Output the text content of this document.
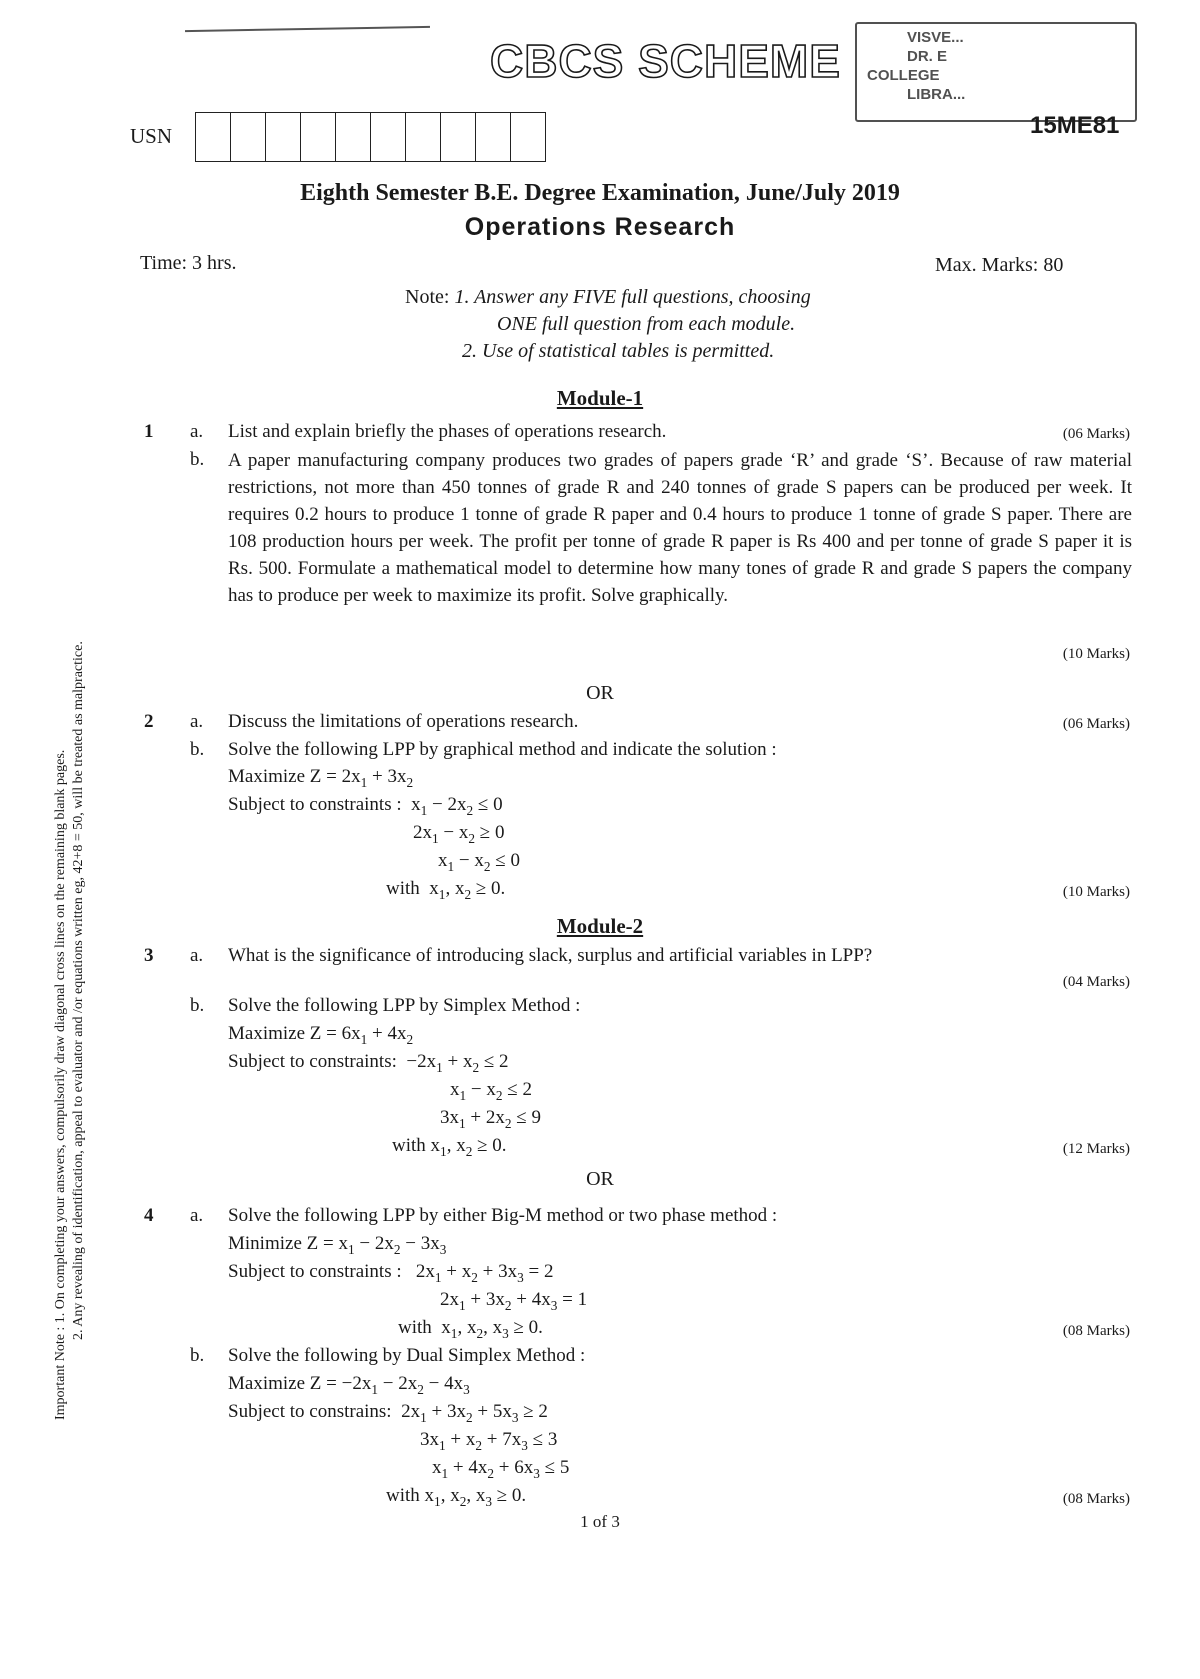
Important Note : 1. On completing your answers, compulsorily draw diagonal cross lines on the remaining blank pages. 2. Any revealing of identification, appeal to evaluator and /or equations written eg, 42+8 = 50, will be treated as malpractice.
CBCS SCHEME	VISVE...
DR. E
COLLEGE
LIBRA...
15ME81
USN
Eighth Semester B.E. Degree Examination, June/July 2019
Operations Research
Time: 3 hrs.	Max. Marks: 80
Note: 1. Answer any FIVE full questions, choosing
ONE full question from each module.
2. Use of statistical tables is permitted.
Module-1
1 a. List and explain briefly the phases of operations research.	(06 Marks)
b. A paper manufacturing company produces two grades of papers grade ‘R’ and grade ‘S’. Because of raw material restrictions, not more than 450 tonnes of grade R and 240 tonnes of grade S papers can be produced per week. It requires 0.2 hours to produce 1 tonne of grade R paper and 0.4 hours to produce 1 tonne of grade S paper. There are 108 production hours per week. The profit per tonne of grade R paper is Rs 400 and per tonne of grade S paper it is Rs. 500. Formulate a mathematical model to determine how many tones of grade R and grade S papers the company has to produce per week to maximize its profit. Solve graphically.
(10 Marks)
OR
2 a. Discuss the limitations of operations research.	(06 Marks)
b. Solve the following LPP by graphical method and indicate the solution :
Maximize $Z = 2x_1 + 3x_2$
Subject to constraints :  $x_1 - 2x_2 \le 0$
$2x_1 - x_2 \ge 0$
$x_1 - x_2 \le 0$
with  $x_1$, $x_2 \ge 0$.	(10 Marks)
Module-2
3 a. What is the significance of introducing slack, surplus and artificial variables in LPP?
(04 Marks)
b. Solve the following LPP by Simplex Method :
Maximize $Z = 6x_1 + 4x_2$
Subject to constraints:  $-2x_1 + x_2 \le 2$
$x_1 - x_2 \le 2$
$3x_1 + 2x_2 \le 9$
with $x_1$, $x_2 \ge 0$.	(12 Marks)
OR
4 a. Solve the following LPP by either Big-M method or two phase method :
Minimize $Z = x_1 - 2x_2 - 3x_3$
Subject to constraints :   $2x_1 + x_2 + 3x_3 = 2$
$2x_1 + 3x_2 + 4x_3 = 1$
with  $x_1$, $x_2$, $x_3 \ge 0$.	(08 Marks)
b. Solve the following by Dual Simplex Method :
Maximize $Z = -2x_1 - 2x_2 - 4x_3$
Subject to constrains:  $2x_1 + 3x_2 + 5x_3 \ge 2$
$3x_1 + x_2 + 7x_3 \le 3$
$x_1 + 4x_2 + 6x_3 \le 5$
with $x_1$, $x_2$, $x_3 \ge 0$.	(08 Marks)
1 of 3
